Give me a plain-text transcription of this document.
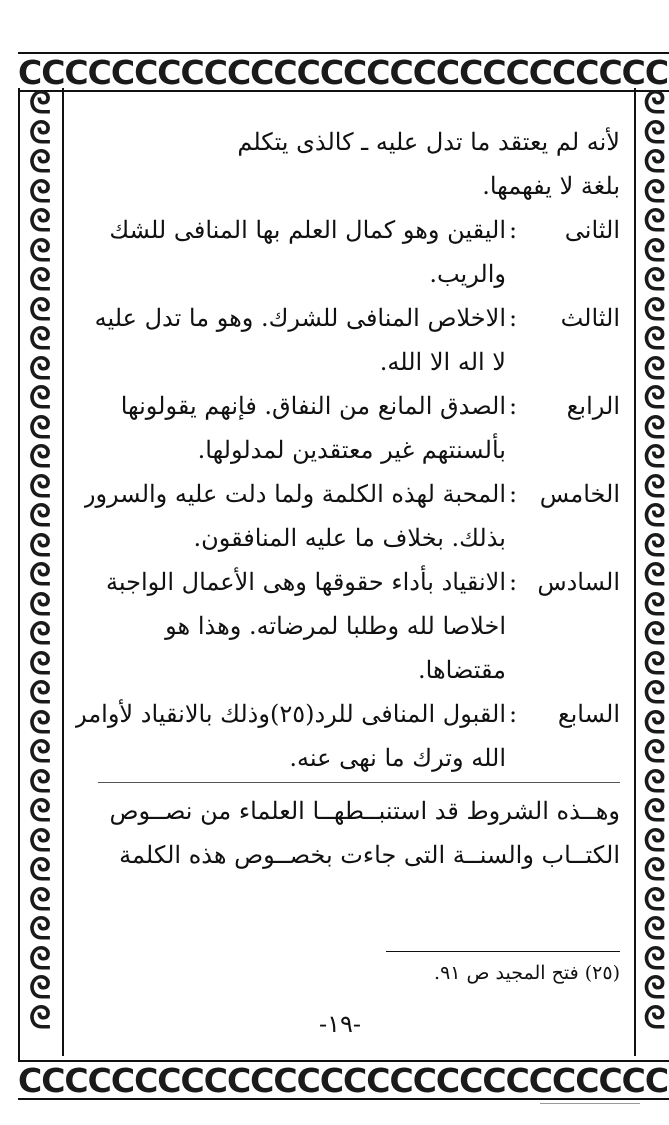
CCCCCCCCCCCCCCCCCCCCCCCCCCCC
ᘓ
ᘓ
ᘓ
ᘓ
ᘓ
ᘓ
ᘓ
ᘓ
ᘓ
ᘓ
ᘓ
ᘓ
ᘓ
ᘓ
ᘓ
ᘓ
ᘓ
ᘓ
ᘓ
ᘓ
ᘓ
ᘓ
ᘓ
ᘓ
ᘓ
ᘓ
ᘓ
ᘓ
ᘓ
ᘓ
ᘓ
ᘓ
ᘓ
ᘓ
ᘓ
ᘓ
ᘓ
ᘓ
ᘓ
ᘓ
ᘓ
ᘓ
ᘓ
ᘓ
ᘓ
ᘓ
ᘓ
ᘓ
ᘓ
ᘓ
ᘓ
ᘓ
ᘓ
ᘓ
ᘓ
ᘓ
ᘓ
ᘓ
ᘓ
ᘓ
ᘓ
ᘓ
ᘓ
ᘓ
CCCCCCCCCCCCCCCCCCCCCCCCCCCC
لأنه لم يعتقد ما تدل عليه ـ كالذى يتكلم
بلغة لا يفهمها.
الثانى
:
اليقين وهو كمال العلم بها المنافى للشك
والريب.
الثالث
:
الاخلاص المنافى للشرك. وهو ما تدل عليه
لا اله الا الله.
الرابع
:
الصدق المانع من النفاق. فإنهم يقولونها
بألسنتهم غير معتقدين لمدلولها.
الخامس
:
المحبة لهذه الكلمة ولما دلت عليه والسرور
بذلك. بخلاف ما عليه المنافقون.
السادس
:
الانقياد بأداء حقوقها وهى الأعمال الواجبة
اخلاصا لله وطلبا لمرضاته. وهذا هو
مقتضاها.
السابع
:
القبول المنافى للرد(٢٥)وذلك بالانقياد لأوامر
الله وترك ما نهى عنه.
وهــذه الشروط قد استنبــطهــا العلماء من نصــوص
الكتــاب والسنــة التى جاءت بخصــوص هذه الكلمة
(٢٥) فتح المجيد ص ٩١.
-١٩-
